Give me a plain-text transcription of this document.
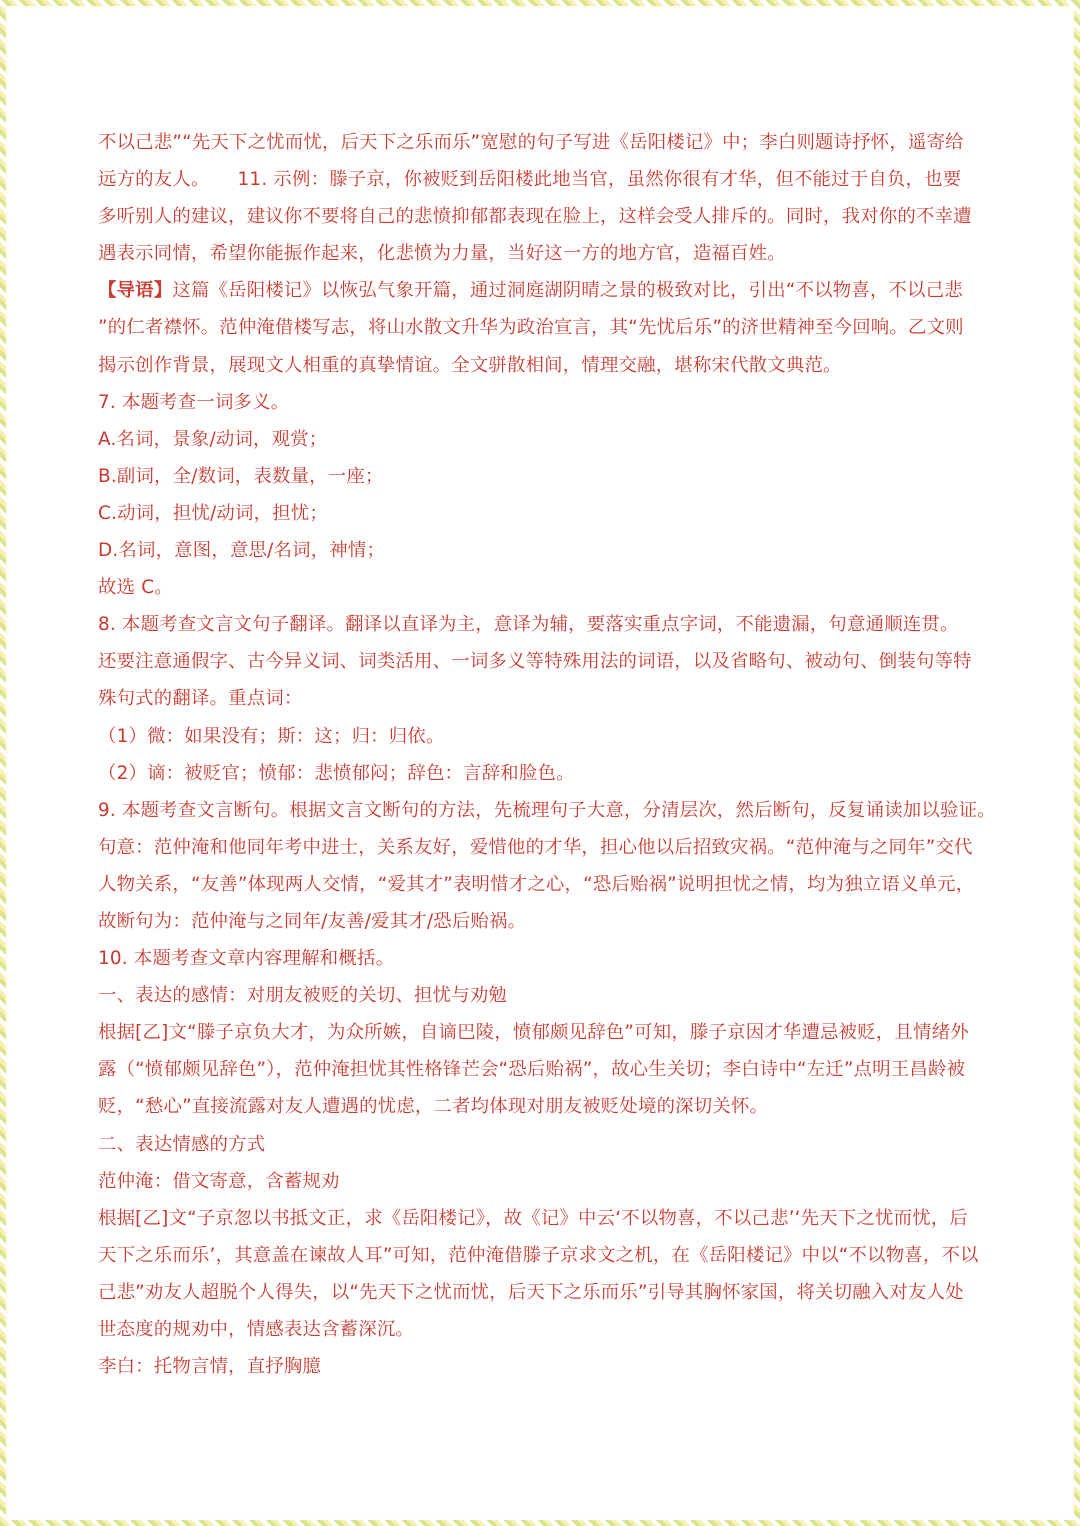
不以己悲”“先天下之忧而忧，后天下之乐而乐”宽慰的句子写进《岳阳楼记》中；李白则题诗抒怀，遥寄给
远方的友人。　　11. 示例：滕子京，你被贬到岳阳楼此地当官，虽然你很有才华，但不能过于自负，也要
多听别人的建议，建议你不要将自己的悲愤抑郁都表现在脸上，这样会受人排斥的。同时，我对你的不幸遭
遇表示同情，希望你能振作起来，化悲愤为力量，当好这一方的地方官，造福百姓。
【导语】这篇《岳阳楼记》以恢弘气象开篇，通过洞庭湖阴晴之景的极致对比，引出“不以物喜，不以己悲
”的仁者襟怀。范仲淹借楼写志，将山水散文升华为政治宣言，其“先忧后乐”的济世精神至今回响。乙文则
揭示创作背景，展现文人相重的真挚情谊。全文骈散相间，情理交融，堪称宋代散文典范。
7. 本题考查一词多义。
A.名词，景象/动词，观赏；
B.副词，全/数词，表数量，一座；
C.动词，担忧/动词，担忧；
D.名词，意图，意思/名词，神情；
故选 C。
8. 本题考查文言文句子翻译。翻译以直译为主，意译为辅，要落实重点字词，不能遗漏，句意通顺连贯。
还要注意通假字、古今异义词、词类活用、一词多义等特殊用法的词语，以及省略句、被动句、倒装句等特
殊句式的翻译。重点词：
（1）微：如果没有；斯：这；归：归依。
（2）谪：被贬官；愤郁：悲愤郁闷；辞色：言辞和脸色。
9. 本题考查文言断句。根据文言文断句的方法，先梳理句子大意，分清层次，然后断句，反复诵读加以验证。
句意：范仲淹和他同年考中进士，关系友好，爱惜他的才华，担心他以后招致灾祸。“范仲淹与之同年”交代
人物关系，“友善”体现两人交情，“爱其才”表明惜才之心，“恐后贻祸”说明担忧之情，均为独立语义单元，
故断句为：范仲淹与之同年/友善/爱其才/恐后贻祸。
10. 本题考查文章内容理解和概括。
一、表达的感情：对朋友被贬的关切、担忧与劝勉
根据[乙]文“滕子京负大才，为众所嫉，自谪巴陵，愤郁颇见辞色”可知，滕子京因才华遭忌被贬，且情绪外
露（“愤郁颇见辞色”），范仲淹担忧其性格锋芒会“恐后贻祸”，故心生关切；李白诗中“左迁”点明王昌龄被
贬，“愁心”直接流露对友人遭遇的忧虑，二者均体现对朋友被贬处境的深切关怀。
二、表达情感的方式
范仲淹：借文寄意，含蓄规劝
根据[乙]文“子京忽以书抵文正，求《岳阳楼记》，故《记》中云‘不以物喜，不以己悲’‘先天下之忧而忧，后
天下之乐而乐’，其意盖在谏故人耳”可知，范仲淹借滕子京求文之机，在《岳阳楼记》中以“不以物喜，不以
己悲”劝友人超脱个人得失，以“先天下之忧而忧，后天下之乐而乐”引导其胸怀家国，将关切融入对友人处
世态度的规劝中，情感表达含蓄深沉。
李白：托物言情，直抒胸臆
